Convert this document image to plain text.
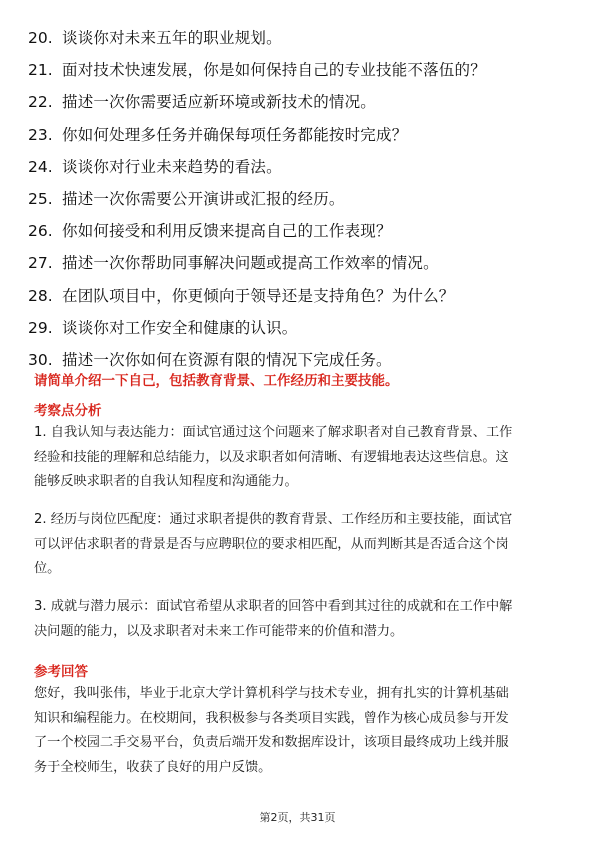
20. 谈谈你对未来五年的职业规划。
21. 面对技术快速发展，你是如何保持自己的专业技能不落伍的？
22. 描述一次你需要适应新环境或新技术的情况。
23. 你如何处理多任务并确保每项任务都能按时完成？
24. 谈谈你对行业未来趋势的看法。
25. 描述一次你需要公开演讲或汇报的经历。
26. 你如何接受和利用反馈来提高自己的工作表现？
27. 描述一次你帮助同事解决问题或提高工作效率的情况。
28. 在团队项目中，你更倾向于领导还是支持角色？为什么？
29. 谈谈你对工作安全和健康的认识。
30. 描述一次你如何在资源有限的情况下完成任务。
请简单介绍一下自己，包括教育背景、工作经历和主要技能。
考察点分析

1. 自我认知与表达能力：面试官通过这个问题来了解求职者对自己教育背景、工作
经验和技能的理解和总结能力，以及求职者如何清晰、有逻辑地表达这些信息。这
能够反映求职者的自我认知程度和沟通能力。

2. 经历与岗位匹配度：通过求职者提供的教育背景、工作经历和主要技能，面试官
可以评估求职者的背景是否与应聘职位的要求相匹配，从而判断其是否适合这个岗
位。

3. 成就与潜力展示：面试官希望从求职者的回答中看到其过往的成就和在工作中解
决问题的能力，以及求职者对未来工作可能带来的价值和潜力。

参考回答

您好，我叫张伟，毕业于北京大学计算机科学与技术专业，拥有扎实的计算机基础
知识和编程能力。在校期间，我积极参与各类项目实践，曾作为核心成员参与开发
了一个校园二手交易平台，负责后端开发和数据库设计，该项目最终成功上线并服
务于全校师生，收获了良好的用户反馈。

第2页，共31页
